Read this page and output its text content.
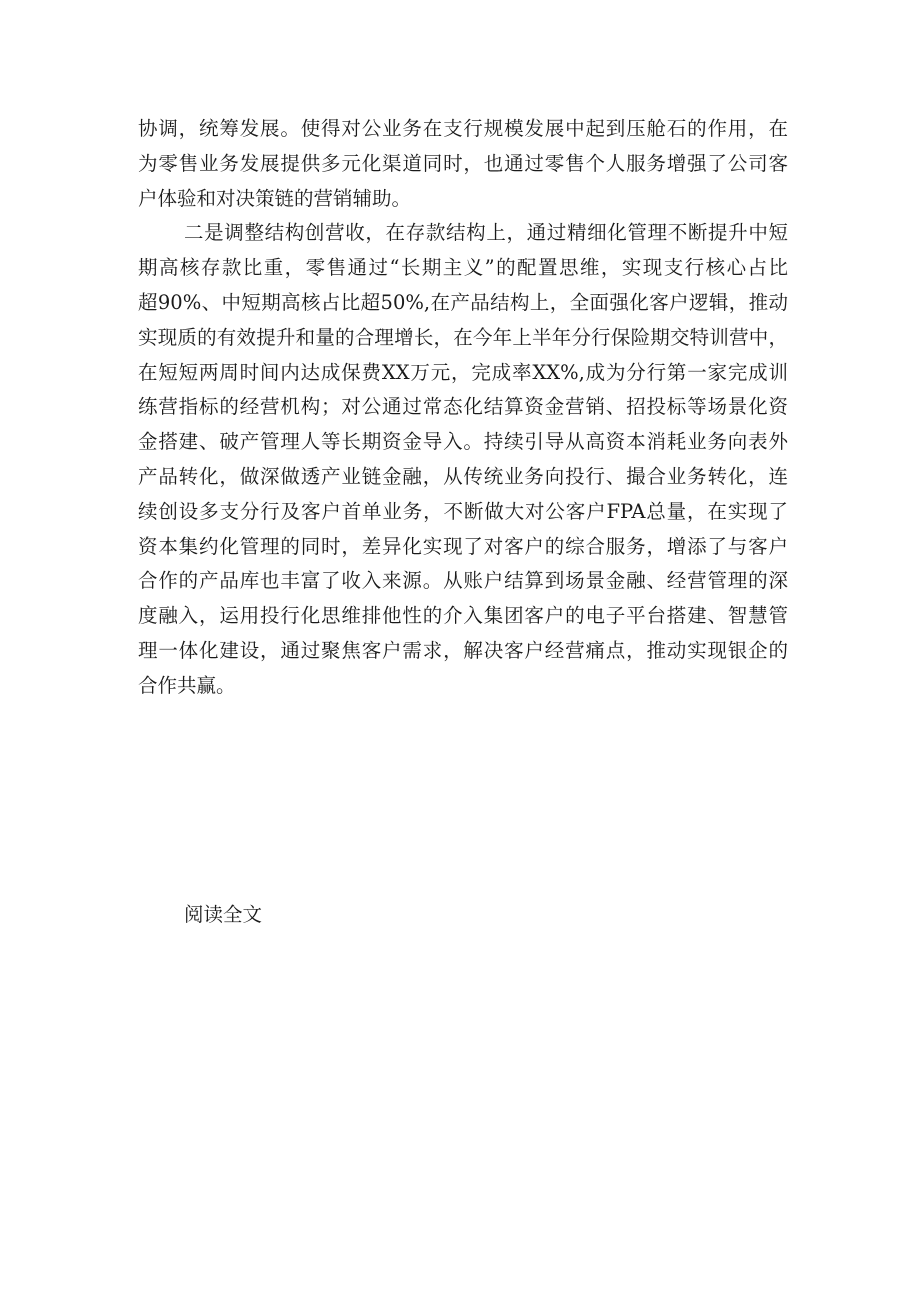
协调，统筹发展。使得对公业务在支行规模发展中起到压舱石的作用，在
为零售业务发展提供多元化渠道同时，也通过零售个人服务增强了公司客
户体验和对决策链的营销辅助。
二是调整结构创营收，在存款结构上，通过精细化管理不断提升中短
期高核存款比重，零售通过“长期主义”的配置思维，实现支行核心占比
超90%、中短期高核占比超50%,在产品结构上，全面强化客户逻辑，推动
实现质的有效提升和量的合理增长，在今年上半年分行保险期交特训营中，
在短短两周时间内达成保费XX万元，完成率XX%,成为分行第一家完成训
练营指标的经营机构；对公通过常态化结算资金营销、招投标等场景化资
金搭建、破产管理人等长期资金导入。持续引导从高资本消耗业务向表外
产品转化，做深做透产业链金融，从传统业务向投行、撮合业务转化，连
续创设多支分行及客户首单业务，不断做大对公客户FPA总量，在实现了
资本集约化管理的同时，差异化实现了对客户的综合服务，增添了与客户
合作的产品库也丰富了收入来源。从账户结算到场景金融、经营管理的深
度融入，运用投行化思维排他性的介入集团客户的电子平台搭建、智慧管
理一体化建设，通过聚焦客户需求，解决客户经营痛点，推动实现银企的
合作共赢。
阅读全文
